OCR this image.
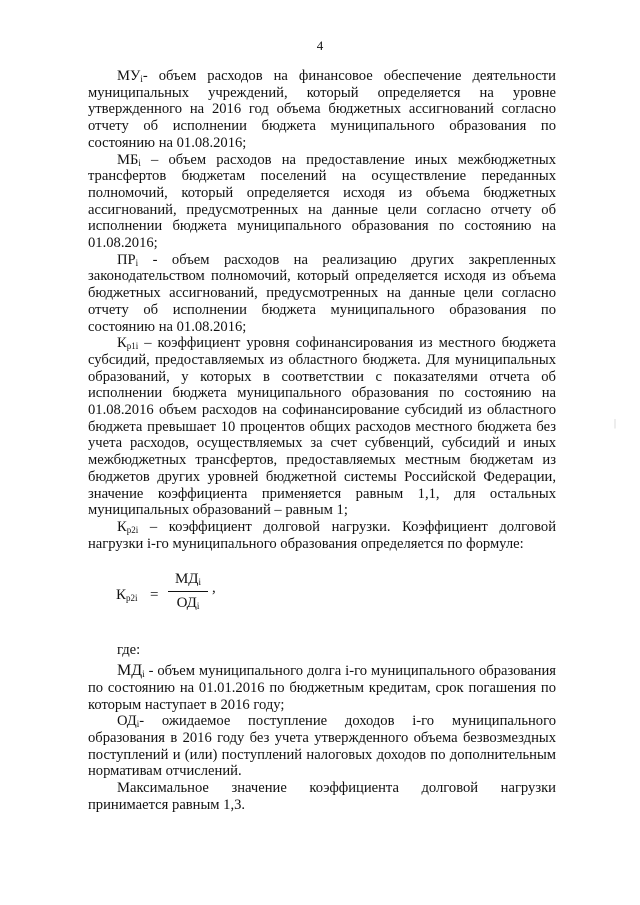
4

$МУ_i-$ объем расходов на финансовое обеспечение деятельности муниципальных учреждений, который определяется на уровне утвержденного на 2016 год объема бюджетных ассигнований согласно отчету об исполнении бюджета муниципального образования по состоянию на 01.08.2016;

$МБ_i$ – объем расходов на предоставление иных межбюджетных трансфертов бюджетам поселений на осуществление переданных полномочий, который определяется исходя из объема бюджетных ассигнований, предусмотренных на данные цели согласно отчету об исполнении бюджета муниципального образования по состоянию на 01.08.2016;

$ПР_i$ - объем расходов на реализацию других закрепленных законодательством полномочий, который определяется исходя из объема бюджетных ассигнований, предусмотренных на данные цели согласно отчету об исполнении бюджета муниципального образования по состоянию на 01.08.2016;

$К_{р1i}$ – коэффициент уровня софинансирования из местного бюджета субсидий, предоставляемых из областного бюджета. Для муниципальных образований, у которых в соответствии с показателями отчета об исполнении бюджета муниципального образования по состоянию на 01.08.2016 объем расходов на софинансирование субсидий из областного бюджета превышает 10 процентов общих расходов местного бюджета без учета расходов, осуществляемых за счет субвенций, субсидий и иных межбюджетных трансфертов, предоставляемых местным бюджетам из бюджетов других уровней бюджетной системы Российской Федерации, значение коэффициента применяется равным 1,1, для остальных муниципальных образований – равным 1;

$К_{р2i}$ – коэффициент долговой нагрузки. Коэффициент долговой нагрузки i-го муниципального образования определяется по формуле:

$К_{р2i}$ =
$МД_i$
$ОД_i$
,

где:

$МД_i$ - объем муниципального долга i-го муниципального образования по состоянию на 01.01.2016 по бюджетным кредитам, срок погашения по которым наступает в 2016 году;

$ОД_i-$ ожидаемое поступление доходов i-го муниципального образования в 2016 году без учета утвержденного объема безвозмездных поступлений и (или) поступлений налоговых доходов по дополнительным нормативам отчислений.

Максимальное значение коэффициента долговой нагрузки принимается равным 1,3.

|
